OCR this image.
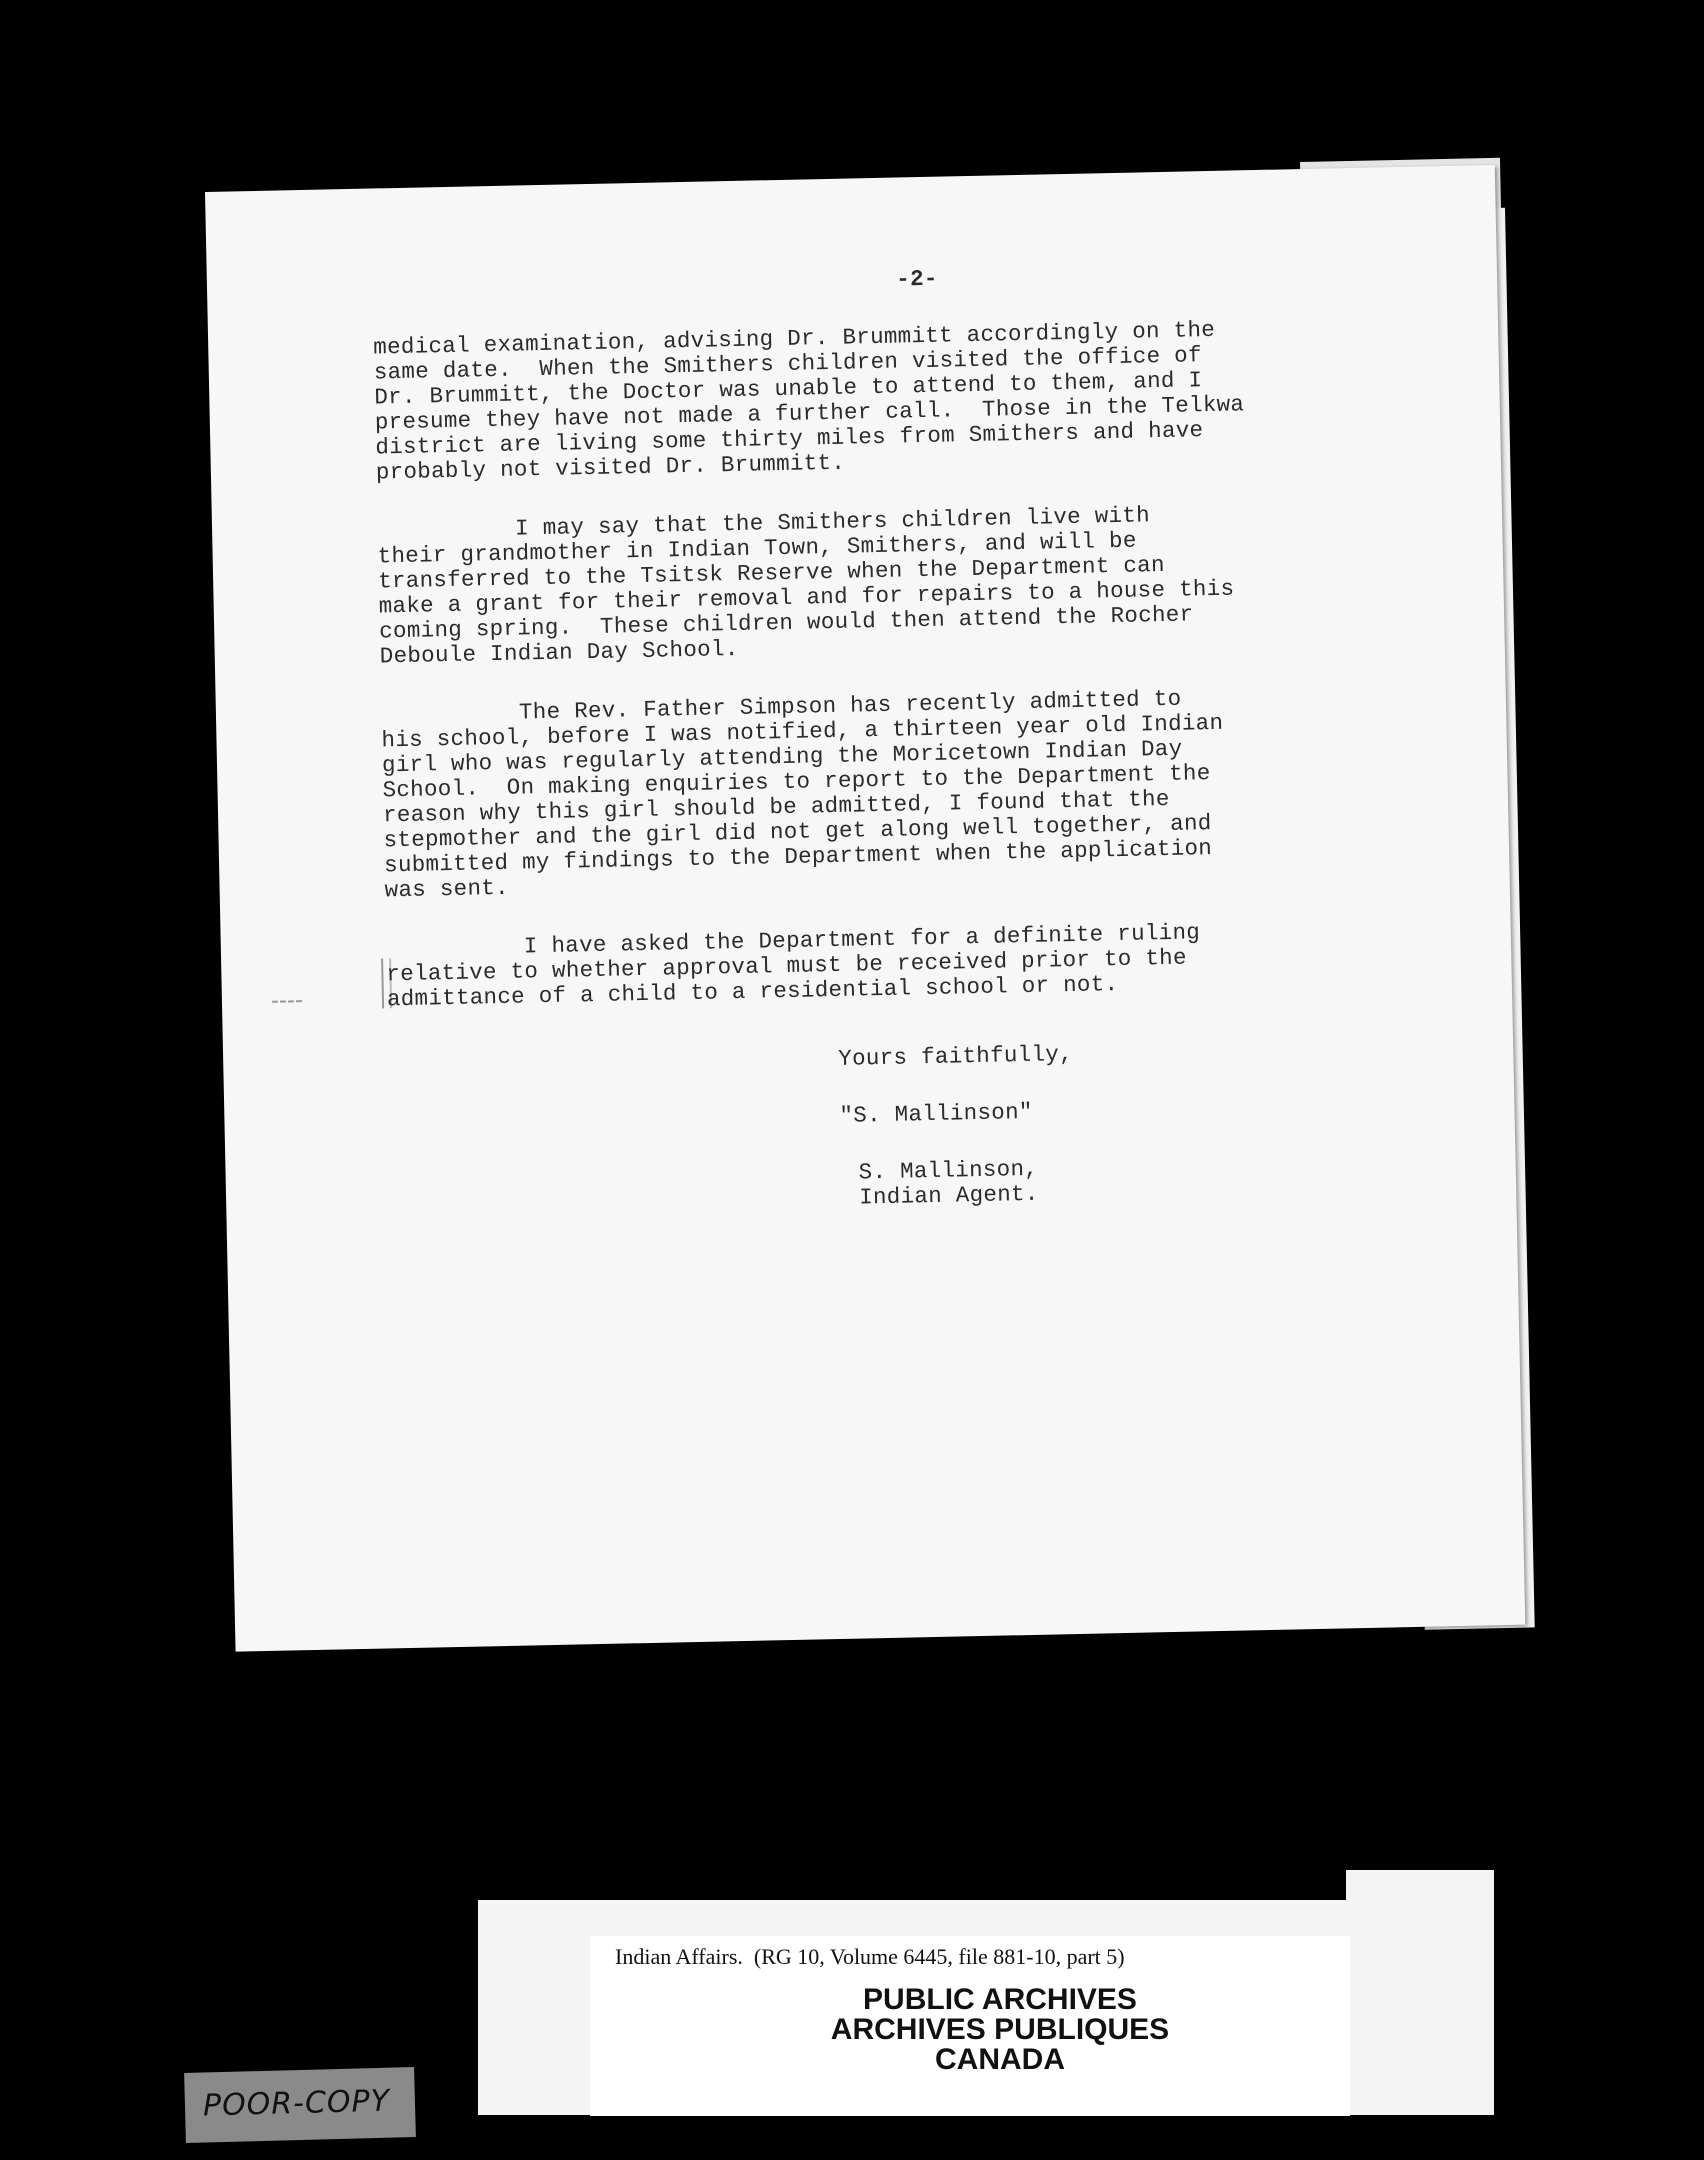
-2-
medical examination, advising Dr. Brummitt accordingly on the
same date.  When the Smithers children visited the office of
Dr. Brummitt, the Doctor was unable to attend to them, and I
presume they have not made a further call.  Those in the Telkwa
district are living some thirty miles from Smithers and have
probably not visited Dr. Brummitt.
I may say that the Smithers children live with
their grandmother in Indian Town, Smithers, and will be
transferred to the Tsitsk Reserve when the Department can
make a grant for their removal and for repairs to a house this
coming spring.  These children would then attend the Rocher
Deboule Indian Day School.
The Rev. Father Simpson has recently admitted to
his school, before I was notified, a thirteen year old Indian
girl who was regularly attending the Moricetown Indian Day
School.  On making enquiries to report to the Department the
reason why this girl should be admitted, I found that the
stepmother and the girl did not get along well together, and
submitted my findings to the Department when the application
was sent.
I have asked the Department for a definite ruling
relative to whether approval must be received prior to the
admittance of a child to a residential school or not.
Yours faithfully,
"S. Mallinson"
S. Mallinson,
Indian Agent.
Indian Affairs.  (RG 10, Volume 6445, file 881-10, part 5)
PUBLIC ARCHIVES
ARCHIVES PUBLIQUES
CANADA
POOR-COPY
